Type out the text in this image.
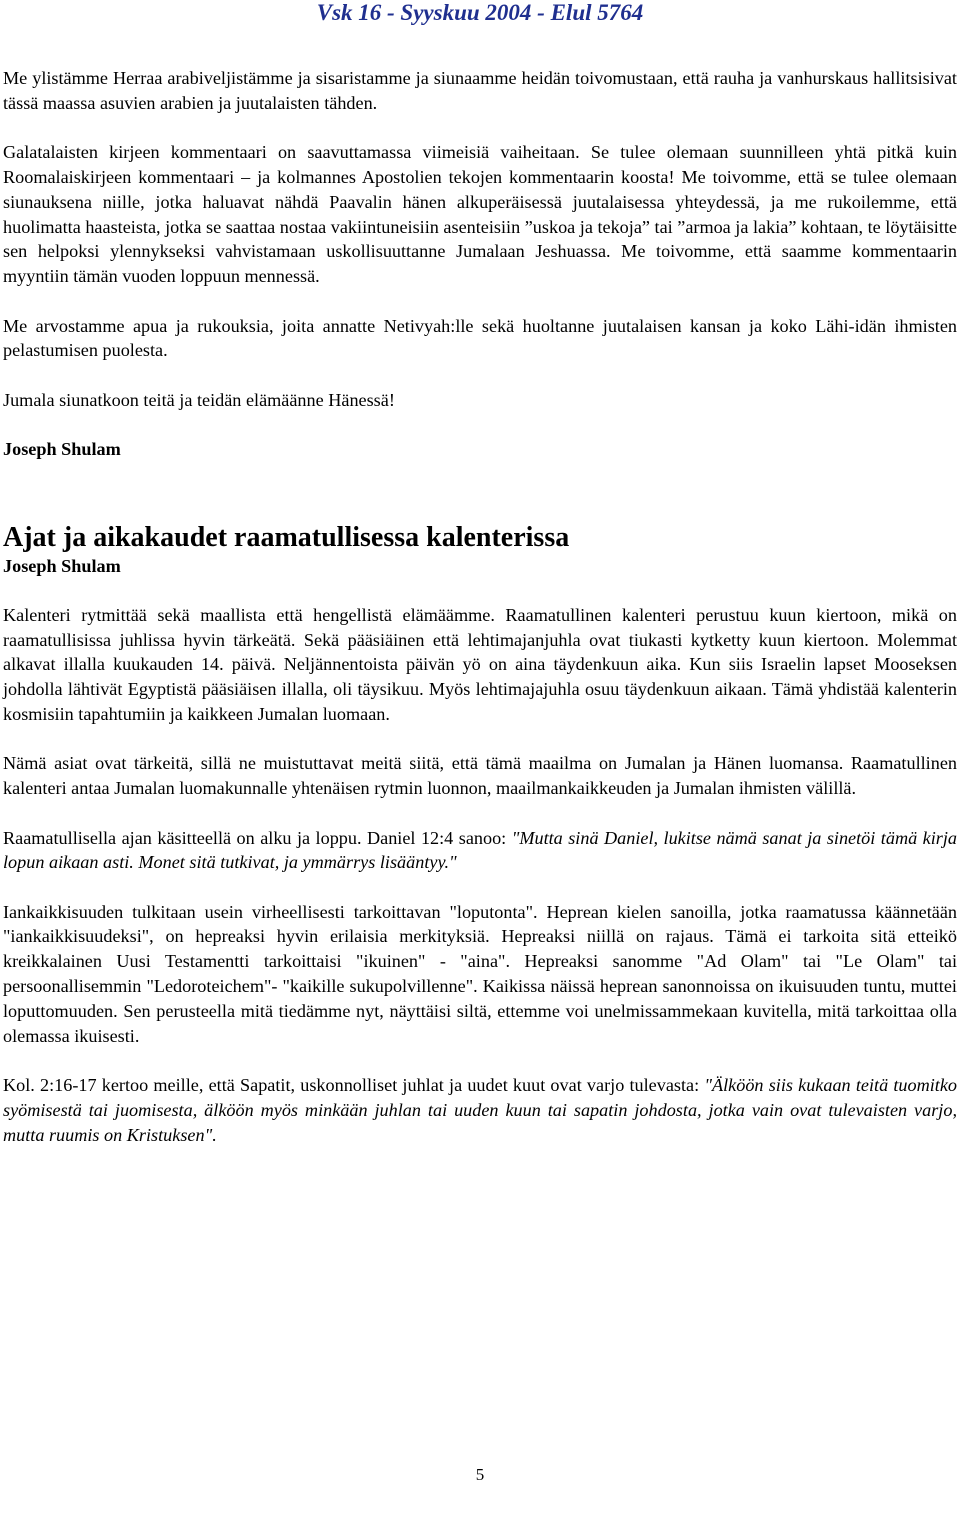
Vsk 16 - Syyskuu 2004 - Elul 5764

Me ylistämme Herraa arabiveljistämme ja sisaristamme ja siunaamme heidän toivomustaan, että rauha ja vanhurskaus hallitsisivat tässä maassa asuvien arabien ja juutalaisten tähden.

Galatalaisten kirjeen kommentaari on saavuttamassa viimeisiä vaiheitaan. Se tulee olemaan suunnilleen yhtä pitkä kuin Roomalaiskirjeen kommentaari – ja kolmannes Apostolien tekojen kommentaarin koosta! Me toivomme, että se tulee olemaan siunauksena niille, jotka haluavat nähdä Paavalin hänen alkuperäisessä juutalaisessa yhteydessä, ja me rukoilemme, että huolimatta haasteista, jotka se saattaa nostaa vakiintuneisiin asenteisiin ”uskoa ja tekoja” tai ”armoa ja lakia” kohtaan, te löytäisitte sen helpoksi ylennykseksi vahvistamaan uskollisuuttanne Jumalaan Jeshuassa. Me toivomme, että saamme kommentaarin myyntiin tämän vuoden loppuun mennessä.

Me arvostamme apua ja rukouksia, joita annatte Netivyah:lle sekä huoltanne juutalaisen kansan ja koko Lähi-idän ihmisten pelastumisen puolesta.

Jumala siunatkoon teitä ja teidän elämäänne Hänessä!

Joseph Shulam

Ajat ja aikakaudet raamatullisessa kalenterissa

Joseph Shulam

Kalenteri rytmittää sekä maallista että hengellistä elämäämme. Raamatullinen kalenteri perustuu kuun kiertoon, mikä on raamatullisissa juhlissa hyvin tärkeätä. Sekä pääsiäinen että lehtimajanjuhla ovat tiukasti kytketty kuun kiertoon. Molemmat alkavat illalla kuukauden 14. päivä. Neljännentoista päivän yö on aina täydenkuun aika. Kun siis Israelin lapset Mooseksen johdolla lähtivät Egyptistä pääsiäisen illalla, oli täysikuu. Myös lehtimajajuhla osuu täydenkuun aikaan. Tämä yhdistää kalenterin kosmisiin tapahtumiin ja kaikkeen Jumalan luomaan.

Nämä asiat ovat tärkeitä, sillä ne muistuttavat meitä siitä, että tämä maailma on Jumalan ja Hänen luomansa. Raamatullinen kalenteri antaa Jumalan luomakunnalle yhtenäisen rytmin luonnon, maailmankaikkeuden ja Jumalan ihmisten välillä.

Raamatullisella ajan käsitteellä on alku ja loppu. Daniel 12:4 sanoo: "Mutta sinä Daniel, lukitse nämä sanat ja sinetöi tämä kirja lopun aikaan asti. Monet sitä tutkivat, ja ymmärrys lisääntyy."

Iankaikkisuuden tulkitaan usein virheellisesti tarkoittavan "loputonta". Heprean kielen sanoilla, jotka raamatussa käännetään "iankaikkisuudeksi", on hepreaksi hyvin erilaisia merkityksiä. Hepreaksi niillä on rajaus. Tämä ei tarkoita sitä etteikö kreikkalainen Uusi Testamentti tarkoittaisi "ikuinen" - "aina". Hepreaksi sanomme "Ad Olam" tai "Le Olam" tai persoonallisemmin "Ledoroteichem"- "kaikille sukupolvillenne". Kaikissa näissä heprean sanonnoissa on ikuisuuden tuntu, muttei loputtomuuden. Sen perusteella mitä tiedämme nyt, näyttäisi siltä, ettemme voi unelmissammekaan kuvitella, mitä tarkoittaa olla olemassa ikuisesti.

Kol. 2:16-17 kertoo meille, että Sapatit, uskonnolliset juhlat ja uudet kuut ovat varjo tulevasta: "Älköön siis kukaan teitä tuomitko syömisestä tai juomisesta, älköön myös minkään juhlan tai uuden kuun tai sapatin johdosta, jotka vain ovat tulevaisten varjo, mutta ruumis on Kristuksen".

5
